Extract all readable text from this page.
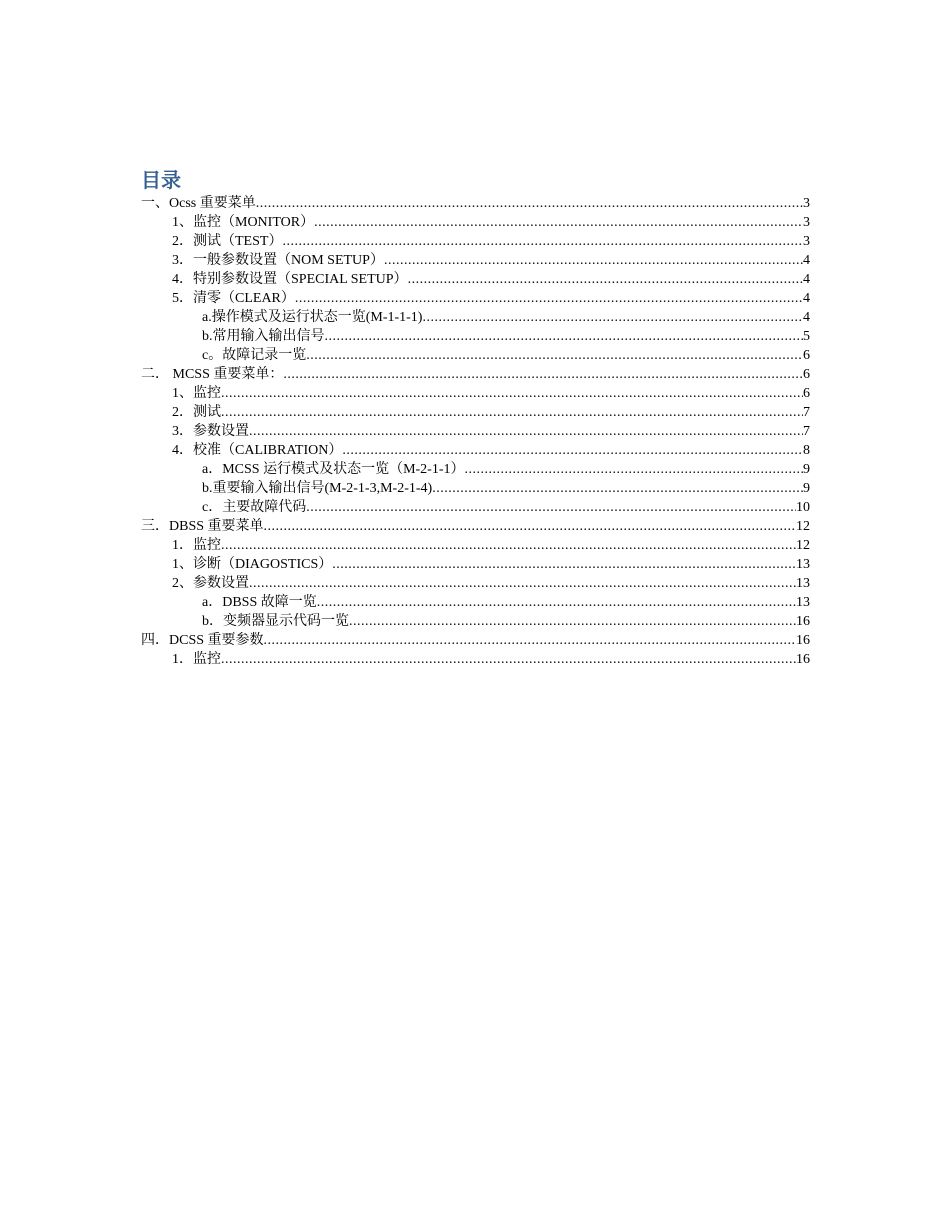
目录
一、Ocss 重要菜单 .....	3
1、监控（MONITOR） .....	3
2．测试（TEST） .....	3
3．一般参数设置（NOM SETUP） .....	4
4．特别参数设置（SPECIAL SETUP） .....	4
5．清零（CLEAR） .....	4
a.操作模式及运行状态一览(M-1-1-1) .....	4
b.常用输入输出信号 .....	5
c。故障记录一览 .....	6
二． MCSS 重要菜单： .....	6
1、监控 .....	6
2．测试 .....	7
3．参数设置 .....	7
4．校准（CALIBRATION） .....	8
a．MCSS 运行模式及状态一览（M-2-1-1） .....	9
b.重要输入输出信号(M-2-1-3,M-2-1-4) .....	9
c．主要故障代码 .....	10
三．DBSS 重要菜单 .....	12
1．监控 .....	12
1、诊断（DIAGOSTICS） .....	13
2、参数设置 .....	13
a．DBSS 故障一览 .....	13
b．变频器显示代码一览 .....	16
四．DCSS 重要参数 .....	16
1．监控 .....	16
